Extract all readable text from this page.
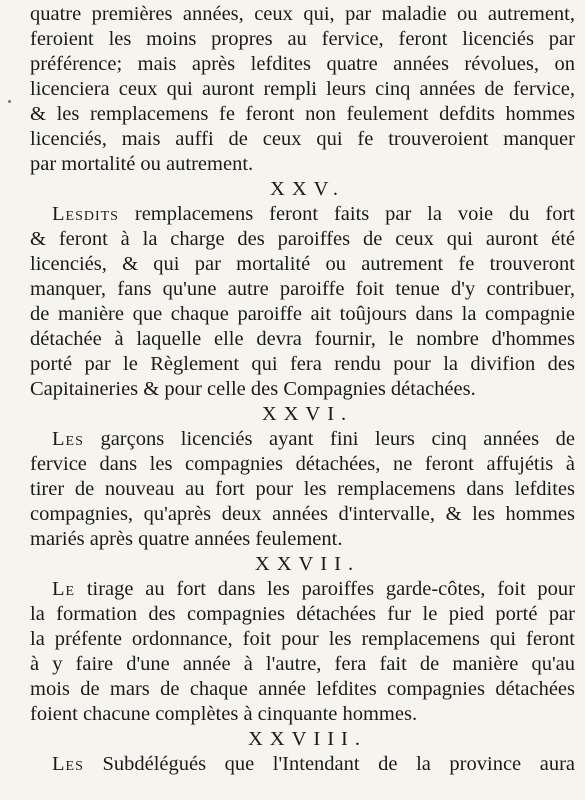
quatre premières années, ceux qui, par maladie ou autrement,
feroient les moins propres au fervice, feront licenciés par
préférence; mais après lefdites quatre années révolues, on
licenciera ceux qui auront rempli leurs cinq années de fervice,
& les remplacemens fe feront non feulement defdits hommes
licenciés, mais auffi de ceux qui fe trouveroient manquer
par mortalité ou autrement.
XXV.
Lesdits remplacemens feront faits par la voie du fort
& feront à la charge des paroiffes de ceux qui auront été
licenciés, & qui par mortalité ou autrement fe trouveront
manquer, fans qu'une autre paroiffe foit tenue d'y contribuer,
de manière que chaque paroiffe ait toûjours dans la compagnie
détachée à laquelle elle devra fournir, le nombre d'hommes
porté par le Règlement qui fera rendu pour la divifion des
Capitaineries & pour celle des Compagnies détachées.
XXVI.
Les garçons licenciés ayant fini leurs cinq années de
fervice dans les compagnies détachées, ne feront affujétis à
tirer de nouveau au fort pour les remplacemens dans lefdites
compagnies, qu'après deux années d'intervalle, & les hommes
mariés après quatre années feulement.
XXVII.
Le tirage au fort dans les paroiffes garde-côtes, foit pour
la formation des compagnies détachées fur le pied porté par
la préfente ordonnance, foit pour les remplacemens qui feront
à y faire d'une année à l'autre, fera fait de manière qu'au
mois de mars de chaque année lefdites compagnies détachées
foient chacune complètes à cinquante hommes.
XXVIII.
Les Subdélégués que l'Intendant de la province aura
